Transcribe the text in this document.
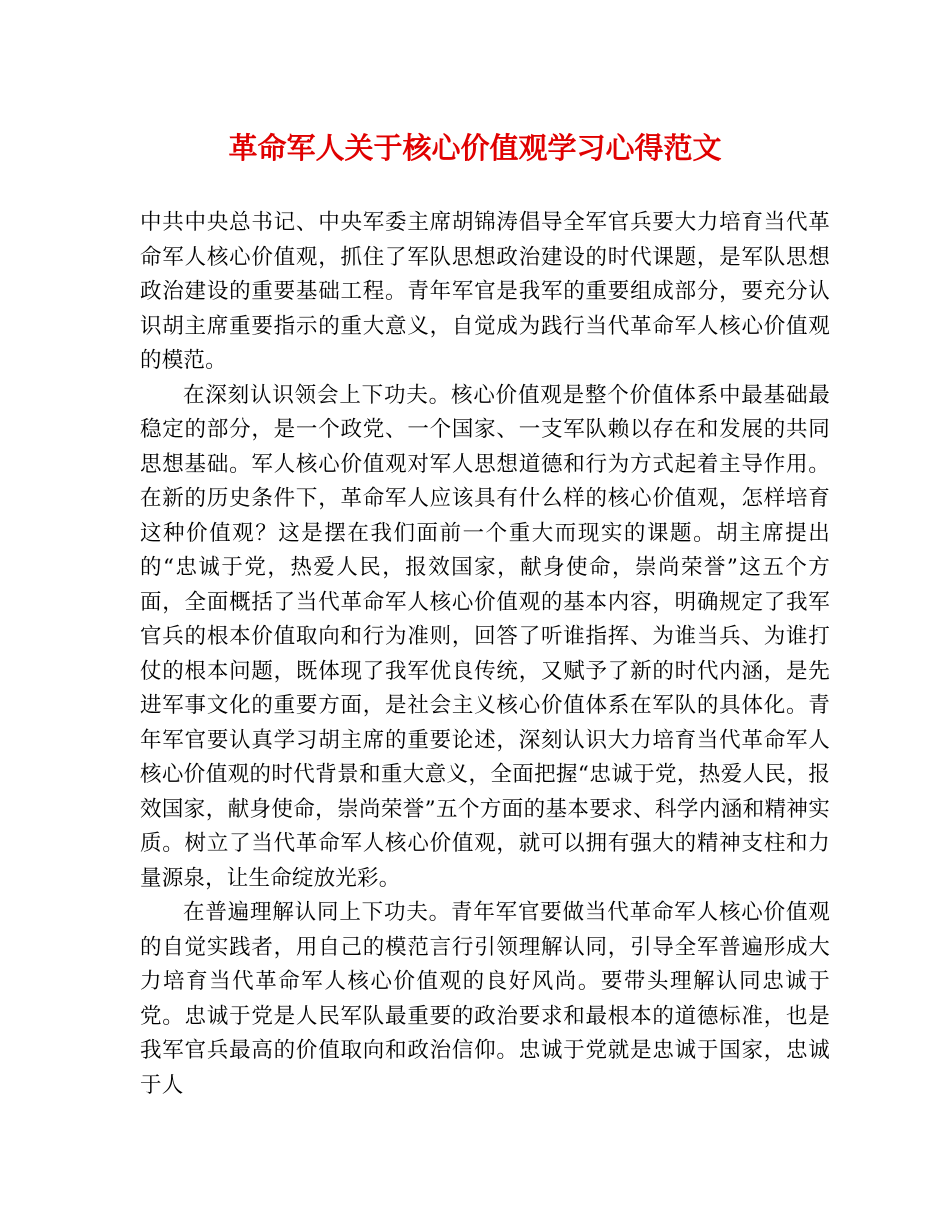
革命军人关于核心价值观学习心得范文

中共中央总书记、中央军委主席胡锦涛倡导全军官兵要大力培育当代革命军人核心价值观，抓住了军队思想政治建设的时代课题，是军队思想政治建设的重要基础工程。青年军官是我军的重要组成部分，要充分认识胡主席重要指示的重大意义，自觉成为践行当代革命军人核心价值观的模范。

在深刻认识领会上下功夫。核心价值观是整个价值体系中最基础最稳定的部分，是一个政党、一个国家、一支军队赖以存在和发展的共同思想基础。军人核心价值观对军人思想道德和行为方式起着主导作用。在新的历史条件下，革命军人应该具有什么样的核心价值观，怎样培育这种价值观？这是摆在我们面前一个重大而现实的课题。胡主席提出的“忠诚于党，热爱人民，报效国家，献身使命，崇尚荣誉”这五个方面，全面概括了当代革命军人核心价值观的基本内容，明确规定了我军官兵的根本价值取向和行为准则，回答了听谁指挥、为谁当兵、为谁打仗的根本问题，既体现了我军优良传统，又赋予了新的时代内涵，是先进军事文化的重要方面，是社会主义核心价值体系在军队的具体化。青年军官要认真学习胡主席的重要论述，深刻认识大力培育当代革命军人核心价值观的时代背景和重大意义，全面把握“忠诚于党，热爱人民，报效国家，献身使命，崇尚荣誉”五个方面的基本要求、科学内涵和精神实质。树立了当代革命军人核心价值观，就可以拥有强大的精神支柱和力量源泉，让生命绽放光彩。

在普遍理解认同上下功夫。青年军官要做当代革命军人核心价值观的自觉实践者，用自己的模范言行引领理解认同，引导全军普遍形成大力培育当代革命军人核心价值观的良好风尚。要带头理解认同忠诚于党。忠诚于党是人民军队最重要的政治要求和最根本的道德标准，也是我军官兵最高的价值取向和政治信仰。忠诚于党就是忠诚于国家，忠诚于人
